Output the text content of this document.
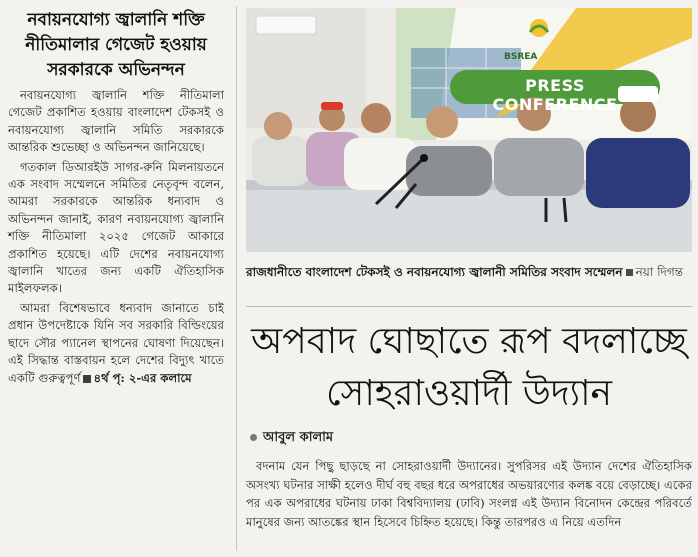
নবায়নযোগ্য জ্বালানি শক্তি নীতিমালার গেজেট হওয়ায় সরকারকে অভিনন্দন

নবায়নযোগ্য জ্বালানি শক্তি নীতিমালা গেজেট প্রকাশিত হওয়ায় বাংলাদেশ টেকসই ও নবায়নযোগ্য জ্বালানি সমিতি সরকারকে আন্তরিক শুভেচ্ছা ও অভিনন্দন জানিয়েছে।

গতকাল ডিআরইউ সাগর-রুনি মিলনায়তনে এক সংবাদ সম্মেলনে সমিতির নেতৃবৃন্দ বলেন, আমরা সরকারকে আন্তরিক ধন্যবাদ ও অভিনন্দন জানাই, কারণ নবায়নযোগ্য জ্বালানি শক্তি নীতিমালা ২০২৫ গেজেট আকারে প্রকাশিত হয়েছে। এটি দেশের নবায়নযোগ্য জ্বালানি খাতের জন্য একটি ঐতিহাসিক মাইলফলক।

আমরা বিশেষভাবে ধন্যবাদ জানাতে চাই প্রধান উপদেষ্টাকে যিনি সব সরকারি বিল্ডিংয়ের ছাদে সৌর প্যানেল স্থাপনের ঘোষণা দিয়েছেন। এই সিদ্ধান্ত বাস্তবায়ন হলে দেশের বিদ্যুৎ খাতে একটি গুরুত্বপূর্ণ ৪র্থ পৃ: ২-এর কলামে

BSREA
PRESS CONFERENCE
রাজধানীতে বাংলাদেশ টেকসই ও নবায়নযোগ্য জ্বালানী সমিতির সংবাদ সম্মেলন নয়া দিগন্ত
অপবাদ ঘোছাতে রূপ বদলাচ্ছে
সোহরাওয়ার্দী উদ্যান
আবুল কালাম

বদনাম যেন পিছু ছাড়ছে না সোহরাওয়ার্দী উদ্যানের। সুপরিসর এই উদ্যান দেশের ঐতিহাসিক অসংখ্য ঘটনার সাক্ষী হলেও দীর্ঘ বহু বছর ধরে অপরাধের অভয়ারণ্যের কলঙ্ক বয়ে বেড়াচ্ছে। একের পর এক অপরাধের ঘটনায় ঢাকা বিশ্ববিদ্যালয় (ঢাবি) সংলগ্ন এই উদ্যান বিনোদন কেন্দ্রের পরিবর্তে মানুষের জন্য আতঙ্কের স্থান হিসেবে চিহ্নিত হয়েছে। কিন্তু তারপরও এ নিয়ে এতদিন
